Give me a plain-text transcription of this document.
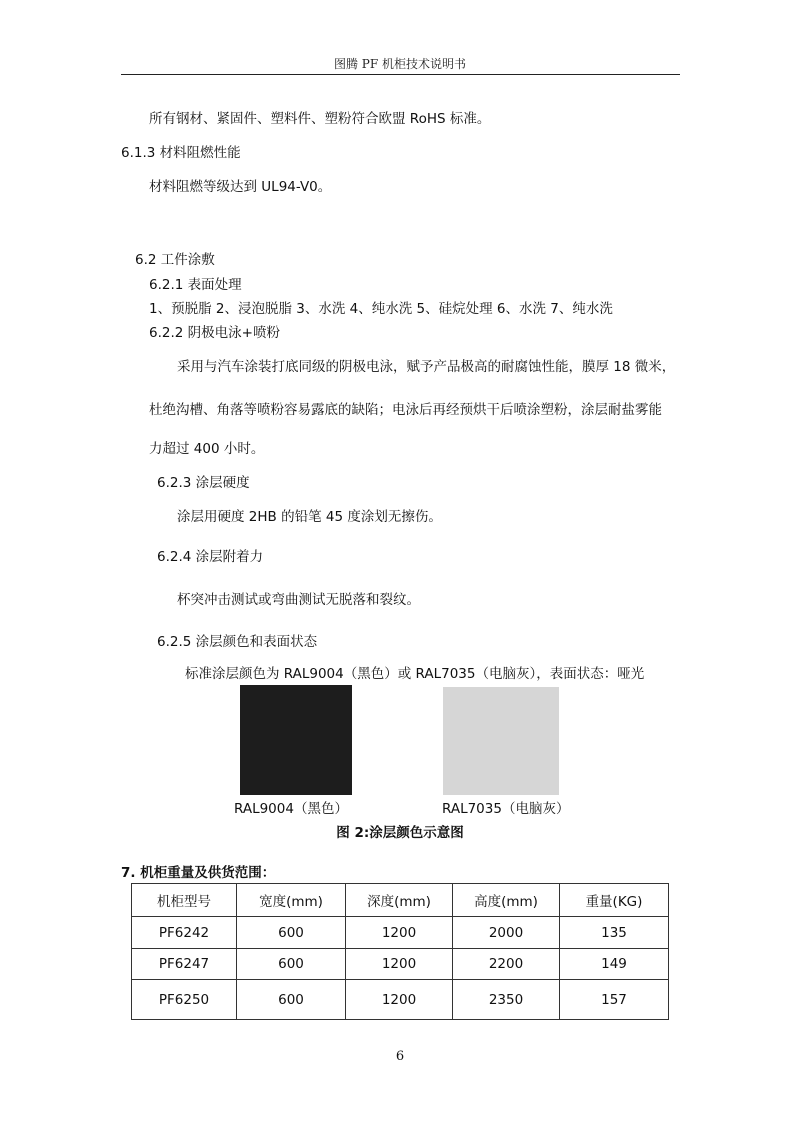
图腾 PF 机柜技术说明书
所有钢材、紧固件、塑料件、塑粉符合欧盟 RoHS 标准。
6.1.3 材料阻燃性能
材料阻燃等级达到 UL94-V0。
6.2 工件涂敷
6.2.1 表面处理
1、预脱脂 2、浸泡脱脂 3、水洗 4、纯水洗 5、硅烷处理 6、水洗 7、纯水洗
6.2.2 阴极电泳+喷粉
采用与汽车涂装打底同级的阴极电泳，赋予产品极高的耐腐蚀性能，膜厚 18 微米，
杜绝沟槽、角落等喷粉容易露底的缺陷；电泳后再经预烘干后喷涂塑粉，涂层耐盐雾能
力超过 400 小时。
6.2.3 涂层硬度
涂层用硬度 2HB 的铅笔 45 度涂划无擦伤。
6.2.4 涂层附着力
杯突冲击测试或弯曲测试无脱落和裂纹。
6.2.5 涂层颜色和表面状态
标准涂层颜色为 RAL9004（黑色）或 RAL7035（电脑灰），表面状态：哑光
RAL9004（黑色）	RAL7035（电脑灰）
图 2:涂层颜色示意图
7. 机柜重量及供货范围：
机柜型号	宽度(mm)	深度(mm)	高度(mm)	重量(KG)
PF6242	600	1200	2000	135
PF6247	600	1200	2200	149
PF6250	600	1200	2350	157
6
